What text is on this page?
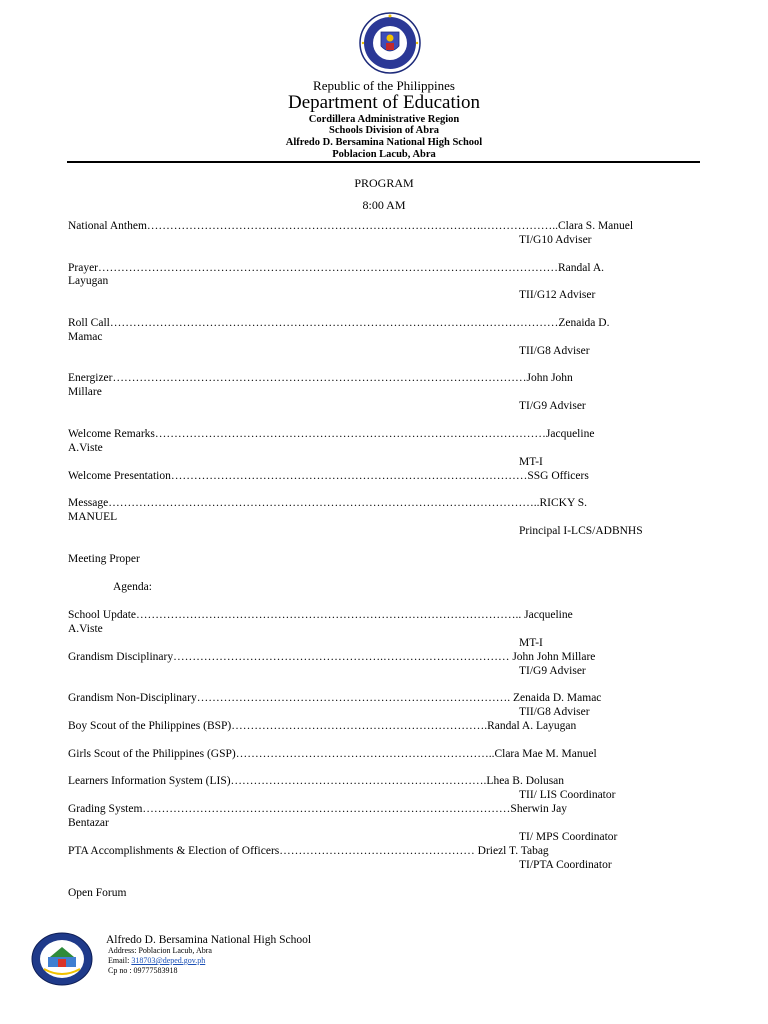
Republic of the Philippines
Department of Education
Cordillera Administrative Region
Schools Division of Abra
Alfredo D. Bersamina National High School
Poblacion Lacub, Abra
PROGRAM
8:00 AM
National Anthem…………………………………………………………………………….………………..Clara S. Manuel
TI/G10 Adviser
Prayer…………………………………………………………………………………………………………Randal A.
Layugan
TII/G12 Adviser
Roll Call………………………………………………………………………………………………………Zenaida D.
Mamac
TII/G8 Adviser
Energizer………………………………………………………………………………………………John John
Millare
TI/G9 Adviser
Welcome Remarks…………………………………………………………………………………………Jacqueline
A.Viste
MT-I
Welcome Presentation…………………………………………………………………………………SSG Officers
Message…………………………………………………………………………………………………..RICKY S.
MANUEL
Principal I-LCS/ADBNHS
Meeting Proper
Agenda:
School Update……………………………………………………………………………………….. Jacqueline
A.Viste
MT-I
Grandism Disciplinary……………………………………………….…………………………… John John Millare
TI/G9 Adviser
Grandism Non-Disciplinary………………………………………………………………………. Zenaida D. Mamac
TII/G8 Adviser
Boy Scout of the Philippines (BSP)………………………………………………………….Randal A. Layugan
Girls Scout of the Philippines (GSP)…………………………………………………………..Clara Mae M. Manuel
Learners Information System (LIS)………………………………………………………….Lhea B. Dolusan
TII/ LIS Coordinator
Grading System……………………………………………………………………………………Sherwin Jay
Bentazar
TI/ MPS Coordinator
PTA Accomplishments & Election of Officers…………………………………………… Driezl T. Tabag
TI/PTA Coordinator
Open Forum
Alfredo D. Bersamina National High School
Address: Poblacion Lacub, Abra
Email: 318703@deped.gov.ph
Cp no : 09777583918
